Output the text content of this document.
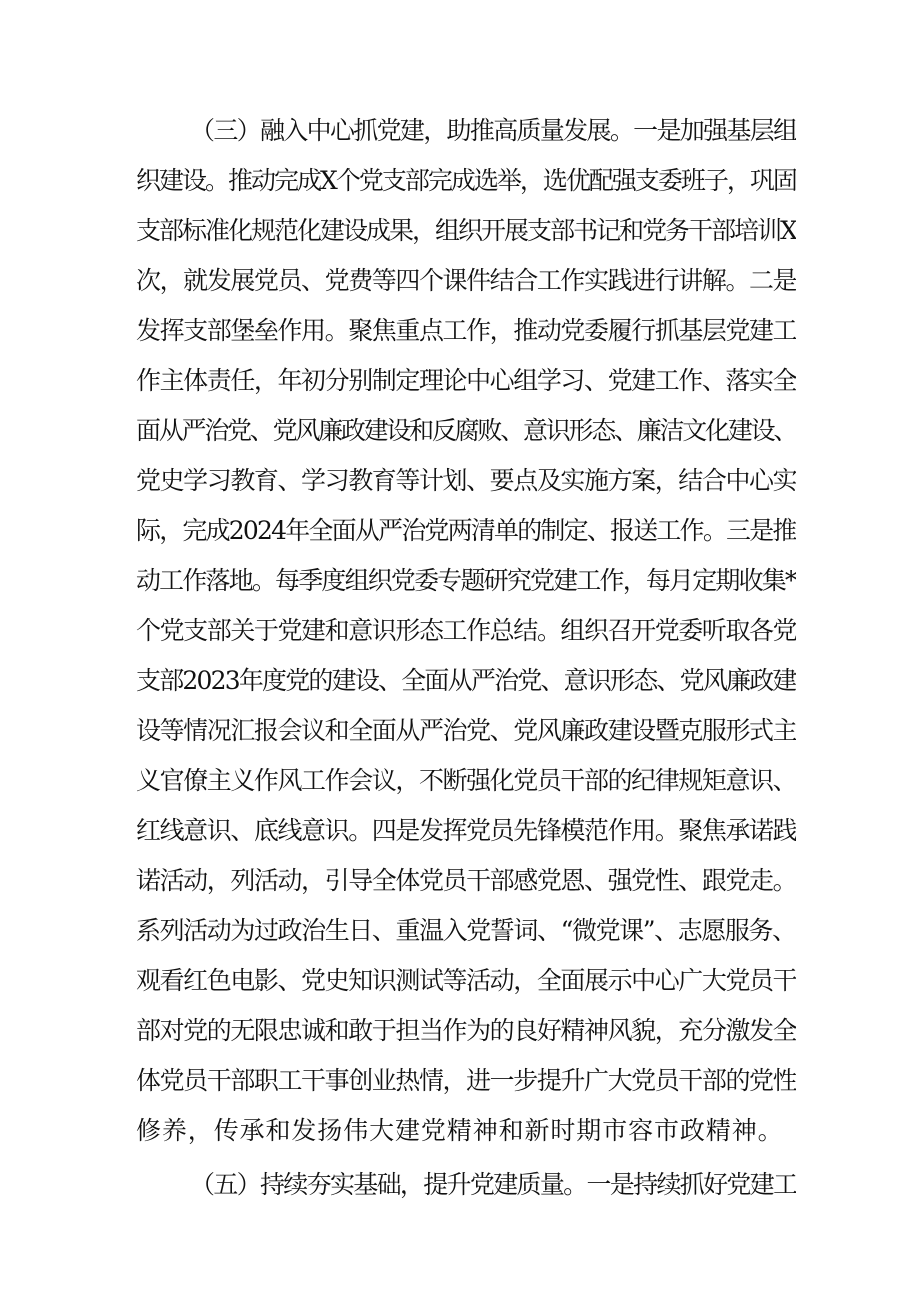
（三）融入中心抓党建，助推高质量发展。一是加强基层组
织建设。推动完成X个党支部完成选举，选优配强支委班子，巩固
支部标准化规范化建设成果，组织开展支部书记和党务干部培训X
次，就发展党员、党费等四个课件结合工作实践进行讲解。二是
发挥支部堡垒作用。聚焦重点工作，推动党委履行抓基层党建工
作主体责任，年初分别制定理论中心组学习、党建工作、落实全
面从严治党、党风廉政建设和反腐败、意识形态、廉洁文化建设、
党史学习教育、学习教育等计划、要点及实施方案，结合中心实
际，完成2024年全面从严治党两清单的制定、报送工作。三是推
动工作落地。每季度组织党委专题研究党建工作，每月定期收集*
个党支部关于党建和意识形态工作总结。组织召开党委听取各党
支部2023年度党的建设、全面从严治党、意识形态、党风廉政建
设等情况汇报会议和全面从严治党、党风廉政建设暨克服形式主
义官僚主义作风工作会议，不断强化党员干部的纪律规矩意识、
红线意识、底线意识。四是发挥党员先锋模范作用。聚焦承诺践
诺活动，列活动，引导全体党员干部感党恩、强党性、跟党走。
系列活动为过政治生日、重温入党誓词、“微党课”、志愿服务、
观看红色电影、党史知识测试等活动，全面展示中心广大党员干
部对党的无限忠诚和敢于担当作为的良好精神风貌，充分激发全
体党员干部职工干事创业热情，进一步提升广大党员干部的党性
修养，传承和发扬伟大建党精神和新时期市容市政精神。
（五）持续夯实基础，提升党建质量。一是持续抓好党建工
